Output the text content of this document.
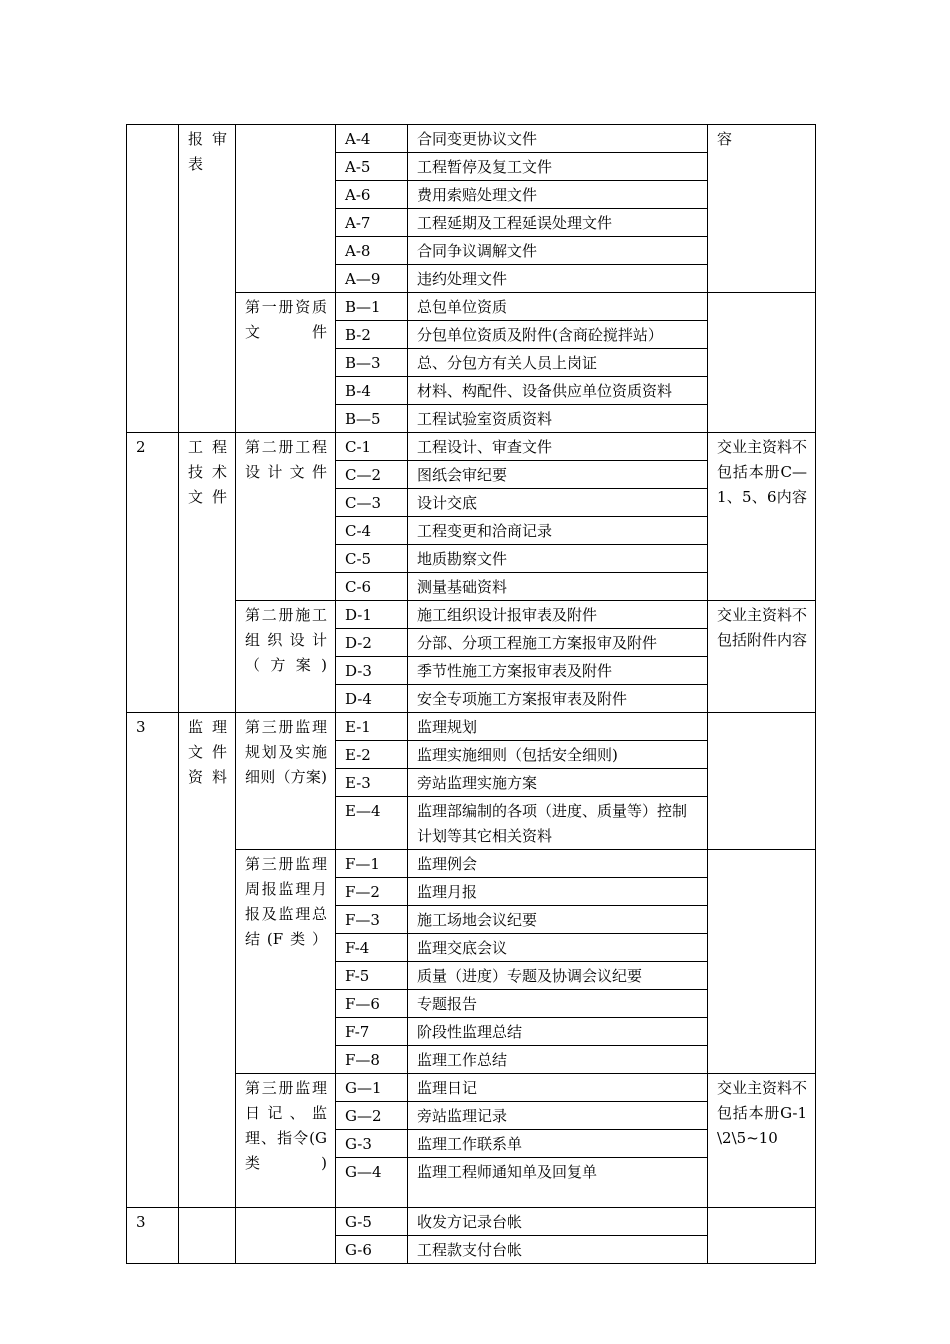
	报审表		A-4	合同变更协议文件	容
			A-5	工程暂停及复工文件	
			A-6	费用索赔处理文件	
			A-7	工程延期及工程延误处理文件	
			A-8	合同争议调解文件	
			A—9	违约处理文件	
		第一册资质文件	B—1	总包单位资质	
			B-2	分包单位资质及附件(含商砼搅拌站）	
			B—3	总、分包方有关人员上岗证	
			B-4	材料、构配件、设备供应单位资质资料	
			B—5	工程试验室资质资料	
2	工程技术文件	第二册工程设计文件	C-1	工程设计、审查文件	交业主资料不包括本册C—1、5、6内容
			C—2	图纸会审纪要	
			C—3	设计交底	
			C-4	工程变更和洽商记录	
			C-5	地质勘察文件	
			C-6	测量基础资料	
		第二册施工组织设计（方案)	D-1	施工组织设计报审表及附件	交业主资料不包括附件内容
			D-2	分部、分项工程施工方案报审及附件	
			D-3	季节性施工方案报审表及附件	
			D-4	安全专项施工方案报审表及附件	
3	监理文件资料	第三册监理规划及实施细则（方案)	E-1	监理规划	
			E-2	监理实施细则（包括安全细则)	
			E-3	旁站监理实施方案	
			E—4	监理部编制的各项（进度、质量等）控制计划等其它相关资料	
		第三册监理周报监理月报及监理总结(F类）	F—1	监理例会	
			F—2	监理月报	
			F—3	施工场地会议纪要	
			F-4	监理交底会议	
			F-5	质量（进度）专题及协调会议纪要	
			F—6	专题报告	
			F-7	阶段性监理总结	
			F—8	监理工作总结	
		第三册监理日记、监理、指令(G类)	G—1	监理日记	交业主资料不包括本册G-1\2\5~10
			G—2	旁站监理记录	
			G-3	监理工作联系单	
			G—4	监理工程师通知单及回复单	
3			G-5	收发方记录台帐	
			G-6	工程款支付台帐	
